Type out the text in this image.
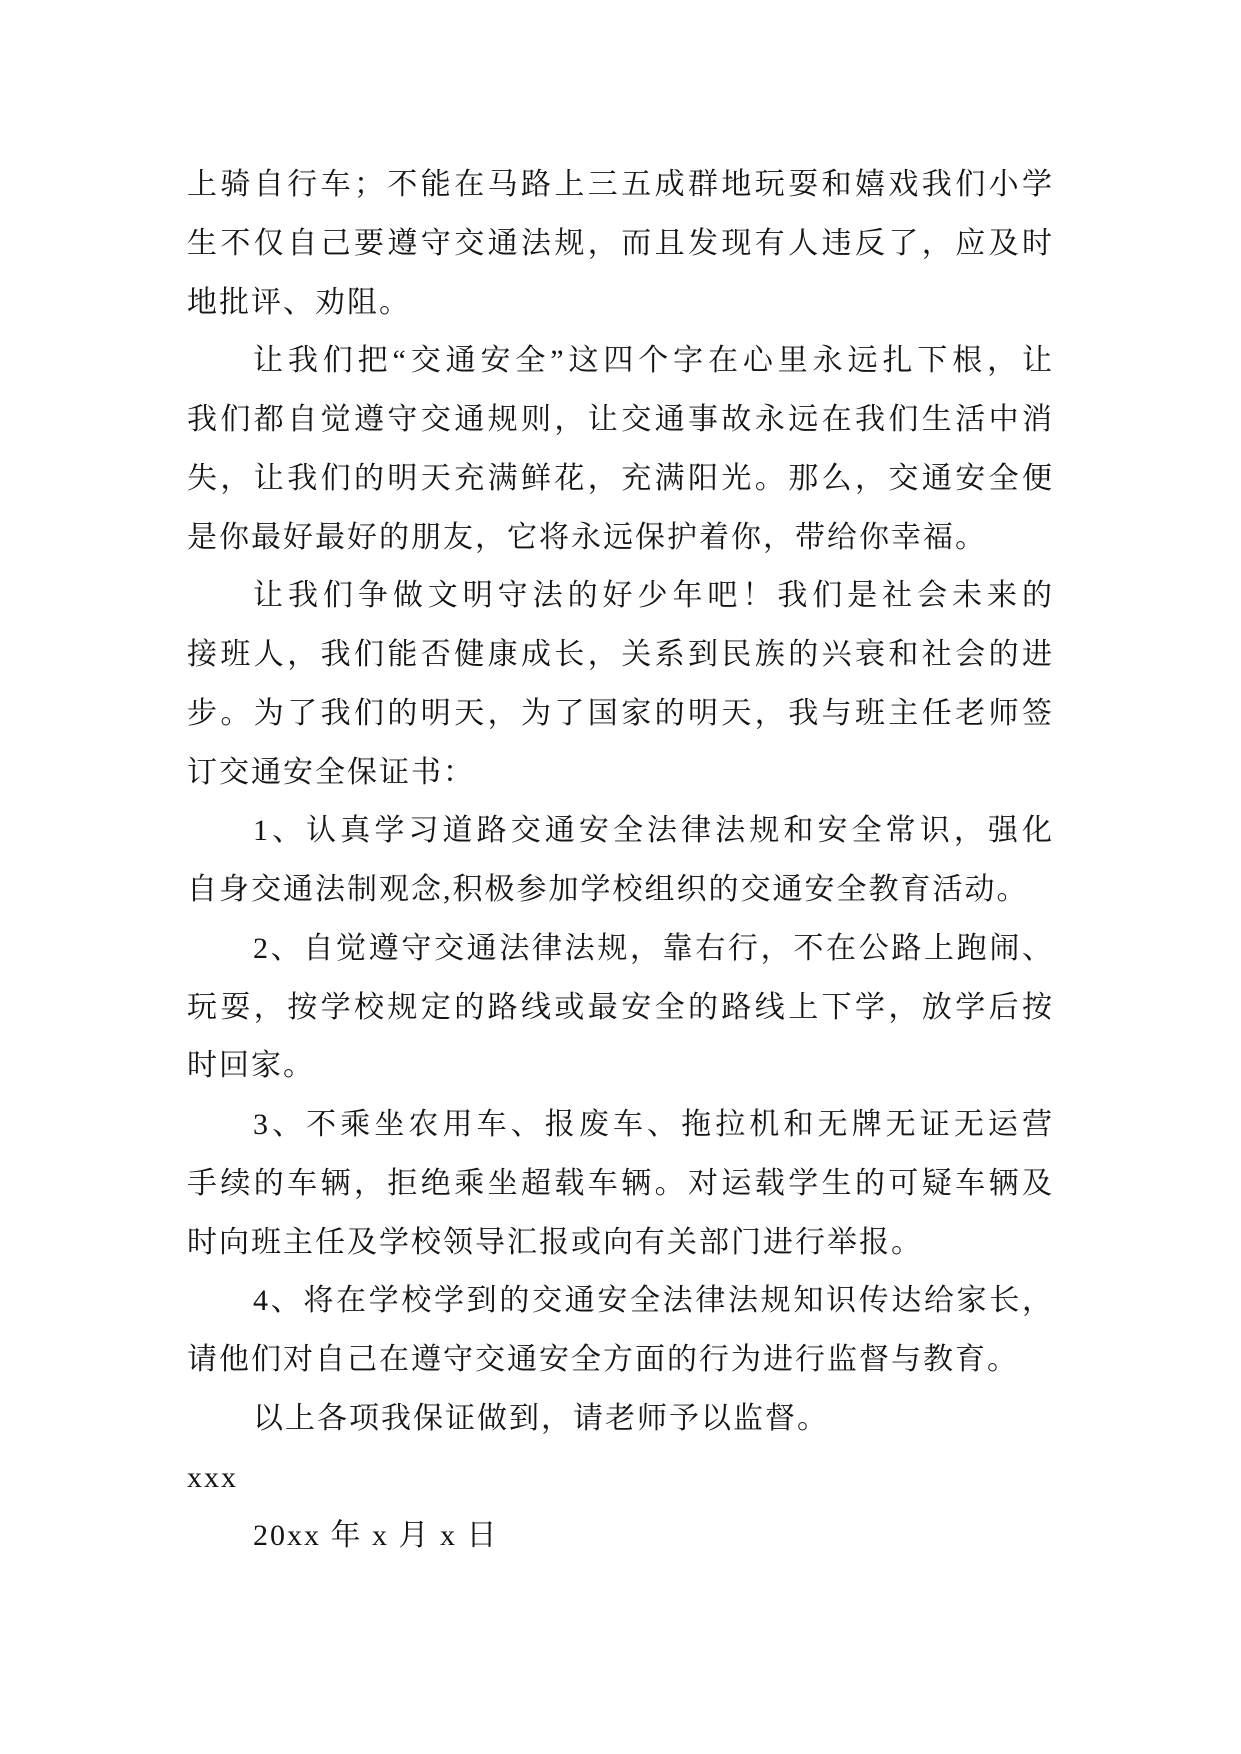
上骑自行车；不能在马路上三五成群地玩耍和嬉戏我们小学
生不仅自己要遵守交通法规，而且发现有人违反了，应及时
地批评、劝阻。
让我们把“交通安全”这四个字在心里永远扎下根，让
我们都自觉遵守交通规则，让交通事故永远在我们生活中消
失，让我们的明天充满鲜花，充满阳光。那么，交通安全便
是你最好最好的朋友，它将永远保护着你，带给你幸福。
让我们争做文明守法的好少年吧！我们是社会未来的
接班人，我们能否健康成长，关系到民族的兴衰和社会的进
步。为了我们的明天，为了国家的明天，我与班主任老师签
订交通安全保证书：
1、认真学习道路交通安全法律法规和安全常识，强化
自身交通法制观念,积极参加学校组织的交通安全教育活动。
2、自觉遵守交通法律法规，靠右行，不在公路上跑闹、
玩耍，按学校规定的路线或最安全的路线上下学，放学后按
时回家。
3、不乘坐农用车、报废车、拖拉机和无牌无证无运营
手续的车辆，拒绝乘坐超载车辆。对运载学生的可疑车辆及
时向班主任及学校领导汇报或向有关部门进行举报。
4、将在学校学到的交通安全法律法规知识传达给家长，
请他们对自己在遵守交通安全方面的行为进行监督与教育。
以上各项我保证做到，请老师予以监督。
xxx
20xx 年 x 月 x 日
